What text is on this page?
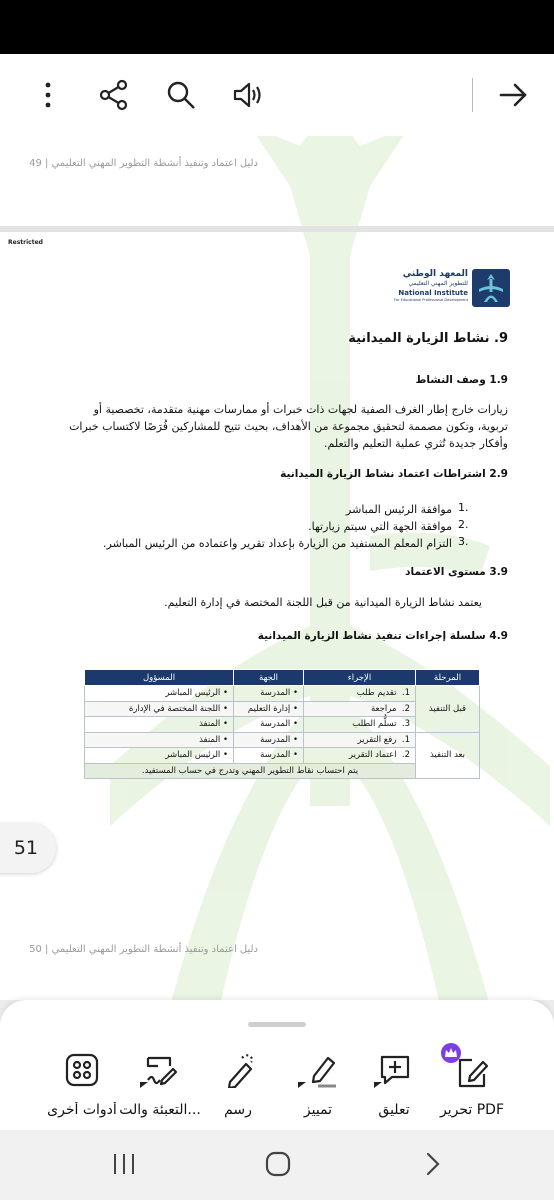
دليل اعتماد وتنفيذ أنشطة التطوير المهني التعليمي | 49
Restricted
المعهد الوطني
للتطوير المهني التعليمي
National Institute
For Educational Professional Development
9. نشاط الزيارة الميدانية
1.9 وصف النشاط
زيارات خارج إطار الغرف الصفية لجهات ذات خبرات أو ممارسات مهنية متقدمة، تخصصية أو
تربوية، وتكون مصممة لتحقيق مجموعة من الأهداف، بحيث تتيح للمشاركين فُرَصًا لاكتساب خبرات
وأفكار جديدة تُثري عملية التعليم والتعلم.
2.9 اشتراطات اعتماد نشاط الزيارة الميدانية
1.
موافقة الرئيس المباشر
2.
موافقة الجهة التي سيتم زيارتها.
3.
التزام المعلم المستفيد من الزيارة بإعداد تقرير واعتماده من الرئيس المباشر.
3.9 مستوى الاعتماد
يعتمد نشاط الزيارة الميدانية من قبل اللجنة المختصة في إدارة التعليم.
4.9 سلسلة إجراءات تنفيذ نشاط الزيارة الميدانية
المرحلة	الإجراء	الجهة	المسؤول
قبل التنفيذ	1.  تقديم طلب	• المدرسة	• الرئيس المباشر
	2.  مراجعة	• إدارة التعليم	• اللجنة المختصة في الإدارة
	3.  تسلُّم الطلب	• المدرسة	• المنفذ
بعد التنفيذ	1.  رفع التقرير	• المدرسة	• المنفذ
	2.  اعتماد التقرير	• المدرسة	• الرئيس المباشر
	يتم احتساب نقاط التطوير المهني وتدرج في حساب المستفيد.		
دليل اعتماد وتنفيذ أنشطة التطوير المهني التعليمي | 50
51
أدوات أخرى التعبئة والت...	رسم	تمييز	تعليق	تحرير PDF
